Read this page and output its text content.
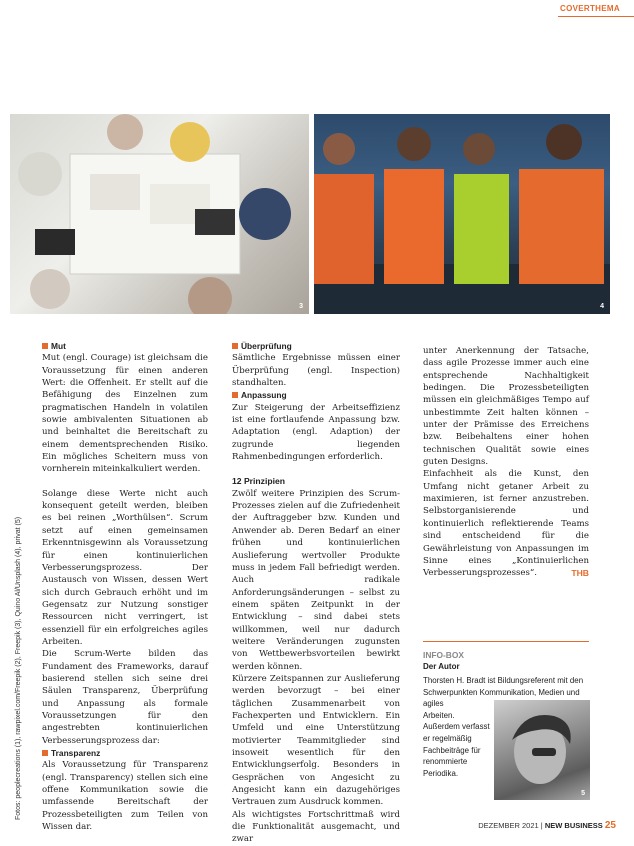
COVERTHEMA
3	4
Fotos: peoplecreations (1), rawpixel.com/Freepik (2), Freepik (3), Quino Al/Unsplash (4), privat (5)
Mut

Mut (engl. Courage) ist gleichsam die Voraussetzung für einen anderen Wert: die Offenheit. Er stellt auf die Befähigung des Einzelnen zum pragmatischen Handeln in volatilen sowie ambivalenten Situationen ab und beinhaltet die Bereitschaft zu einem dementsprechenden Risiko. Ein mögliches Scheitern muss von vornherein miteinkalkuliert werden.

Solange diese Werte nicht auch konsequent geteilt werden, bleiben es bei reinen „Worthülsen“. Scrum setzt auf einen gemeinsamen Erkenntnisgewinn als Voraussetzung für einen kontinuierlichen Verbesserungsprozess. Der Austausch von Wissen, dessen Wert sich durch Gebrauch erhöht und im Gegensatz zur Nutzung sonstiger Ressourcen nicht verringert, ist essenziell für ein erfolgreiches agiles Arbeiten.

Die Scrum-Werte bilden das Fundament des Frameworks, darauf basierend stellen sich seine drei Säulen Transparenz, Überprüfung und Anpassung als formale Voraussetzungen für den angestrebten kontinuierlichen Verbesserungsprozess dar:

Transparenz

Als Voraussetzung für Transparenz (engl. Transparency) stellen sich eine offene Kommunikation sowie die umfassende Bereitschaft der Prozessbeteiligten zum Teilen von Wissen dar.

Überprüfung

Sämtliche Ergebnisse müssen einer Überprüfung (engl. Inspection) standhalten.

Anpassung

Zur Steigerung der Arbeitseffizienz ist eine fortlaufende Anpassung bzw. Adaptation (engl. Adaption) der zugrunde liegenden Rahmenbedingungen erforderlich.

12 Prinzipien

Zwölf weitere Prinzipien des Scrum-Prozesses zielen auf die Zufriedenheit der Auftraggeber bzw. Kunden und Anwender ab. Deren Bedarf an einer frühen und kontinuierlichen Auslieferung wertvoller Produkte muss in jedem Fall befriedigt werden. Auch radikale Anforderungsänderungen – selbst zu einem späten Zeitpunkt in der Entwicklung – sind dabei stets willkommen, weil nur dadurch weitere Veränderungen zugunsten von Wettbewerbsvorteilen bewirkt werden können.

Kürzere Zeitspannen zur Auslieferung werden bevorzugt – bei einer täglichen Zusammenarbeit von Fachexperten und Entwicklern. Ein Umfeld und eine Unterstützung motivierter Teammitglieder sind insoweit wesentlich für den Entwicklungserfolg. Besonders in Gesprächen von Angesicht zu Angesicht kann ein dazugehöriges Vertrauen zum Ausdruck kommen.

Als wichtigstes Fortschrittmaß wird die Funktionalität ausgemacht, und zwar

unter Anerkennung der Tatsache, dass agile Prozesse immer auch eine entsprechende Nachhaltigkeit bedingen. Die Prozessbeteiligten müssen ein gleichmäßiges Tempo auf unbestimmte Zeit halten können – unter der Prämisse des Erreichens bzw. Beibehaltens einer hohen technischen Qualität sowie eines guten Designs.

Einfachheit als die Kunst, den Umfang nicht getaner Arbeit zu maximieren, ist ferner anzustreben. Selbstorganisierende und kontinuierlich reflektierende Teams sind entscheidend für die Gewährleistung von Anpassungen im Sinne eines „Kontinuierlichen Verbesserungsprozesses“.	THB

INFO-BOX
Der Autor
Thorsten H. Bradt ist Bildungsreferent mit den Schwerpunkten Kommunikation, Medien und agiles
Arbeiten. Außerdem verfasst er regelmäßig Fachbeiträge für renommierte Periodika.
5
DEZEMBER 2021 | NEW BUSINESS 25
